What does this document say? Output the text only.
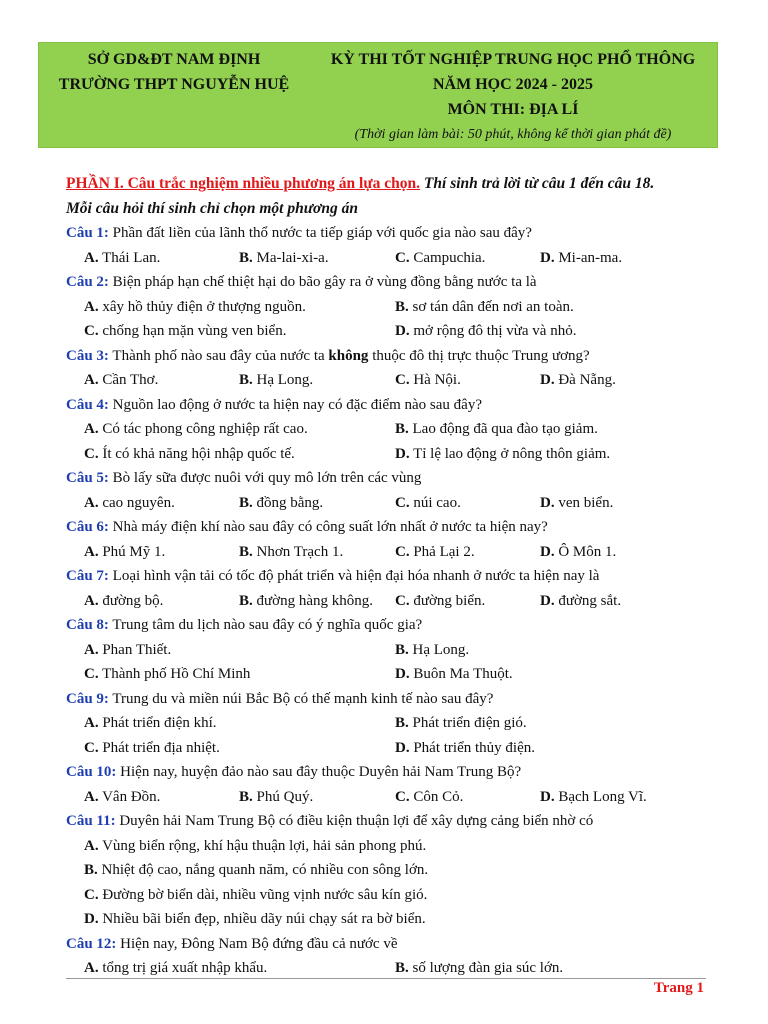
SỞ GD&ĐT NAM ĐỊNH
TRƯỜNG THPT NGUYỄN HUỆ
KỲ THI TỐT NGHIỆP TRUNG HỌC PHỔ THÔNG
NĂM HỌC 2024 - 2025
MÔN THI: ĐỊA LÍ
(Thời gian làm bài: 50 phút, không kể thời gian phát đề)
PHẦN I. Câu trắc nghiệm nhiều phương án lựa chọn. Thí sinh trả lời từ câu 1 đến câu 18.
Mỗi câu hỏi thí sinh chỉ chọn một phương án
Câu 1: Phần đất liền của lãnh thổ nước ta tiếp giáp với quốc gia nào sau đây?
A. Thái Lan.	B. Ma-lai-xi-a.	C. Campuchia.	D. Mi-an-ma.
Câu 2: Biện pháp hạn chế thiệt hại do bão gây ra ở vùng đồng bằng nước ta là
A. xây hồ thủy điện ở thượng nguồn.	B. sơ tán dân đến nơi an toàn.
C. chống hạn mặn vùng ven biển.	D. mở rộng đô thị vừa và nhỏ.
Câu 3: Thành phố nào sau đây của nước ta không thuộc đô thị trực thuộc Trung ương?
A. Cần Thơ.	B. Hạ Long.	C. Hà Nội.	D. Đà Nẵng.
Câu 4: Nguồn lao động ở nước ta hiện nay có đặc điểm nào sau đây?
A. Có tác phong công nghiệp rất cao.	B. Lao động đã qua đào tạo giảm.
C. Ít có khả năng hội nhập quốc tế.	D. Tỉ lệ lao động ở nông thôn giảm.
Câu 5: Bò lấy sữa được nuôi với quy mô lớn trên các vùng
A. cao nguyên.	B. đồng bằng.	C. núi cao.	D. ven biển.
Câu 6: Nhà máy điện khí nào sau đây có công suất lớn nhất ở nước ta hiện nay?
A. Phú Mỹ 1.	B. Nhơn Trạch 1.	C. Phả Lại 2.	D. Ô Môn 1.
Câu 7: Loại hình vận tải có tốc độ phát triển và hiện đại hóa nhanh ở nước ta hiện nay là
A. đường bộ.	B. đường hàng không. C. đường biển.	D. đường sắt.
Câu 8: Trung tâm du lịch nào sau đây có ý nghĩa quốc gia?
A. Phan Thiết.	B. Hạ Long.
C. Thành phố Hồ Chí Minh	D. Buôn Ma Thuột.
Câu 9: Trung du và miền núi Bắc Bộ có thế mạnh kinh tế nào sau đây?
A. Phát triển điện khí.	B. Phát triển điện gió.
C. Phát triển địa nhiệt.	D. Phát triển thủy điện.
Câu 10: Hiện nay, huyện đảo nào sau đây thuộc Duyên hải Nam Trung Bộ?
A. Vân Đồn.	B. Phú Quý.	C. Côn Cỏ.	D. Bạch Long Vĩ.
Câu 11: Duyên hải Nam Trung Bộ có điều kiện thuận lợi để xây dựng cảng biển nhờ có
A. Vùng biển rộng, khí hậu thuận lợi, hải sản phong phú.
B. Nhiệt độ cao, nắng quanh năm, có nhiều con sông lớn.
C. Đường bờ biển dài, nhiều vũng vịnh nước sâu kín gió.
D. Nhiều bãi biển đẹp, nhiều dãy núi chạy sát ra bờ biển.
Câu 12: Hiện nay, Đông Nam Bộ đứng đầu cả nước về
A. tổng trị giá xuất nhập khẩu.	B. số lượng đàn gia súc lớn.
Trang 1
